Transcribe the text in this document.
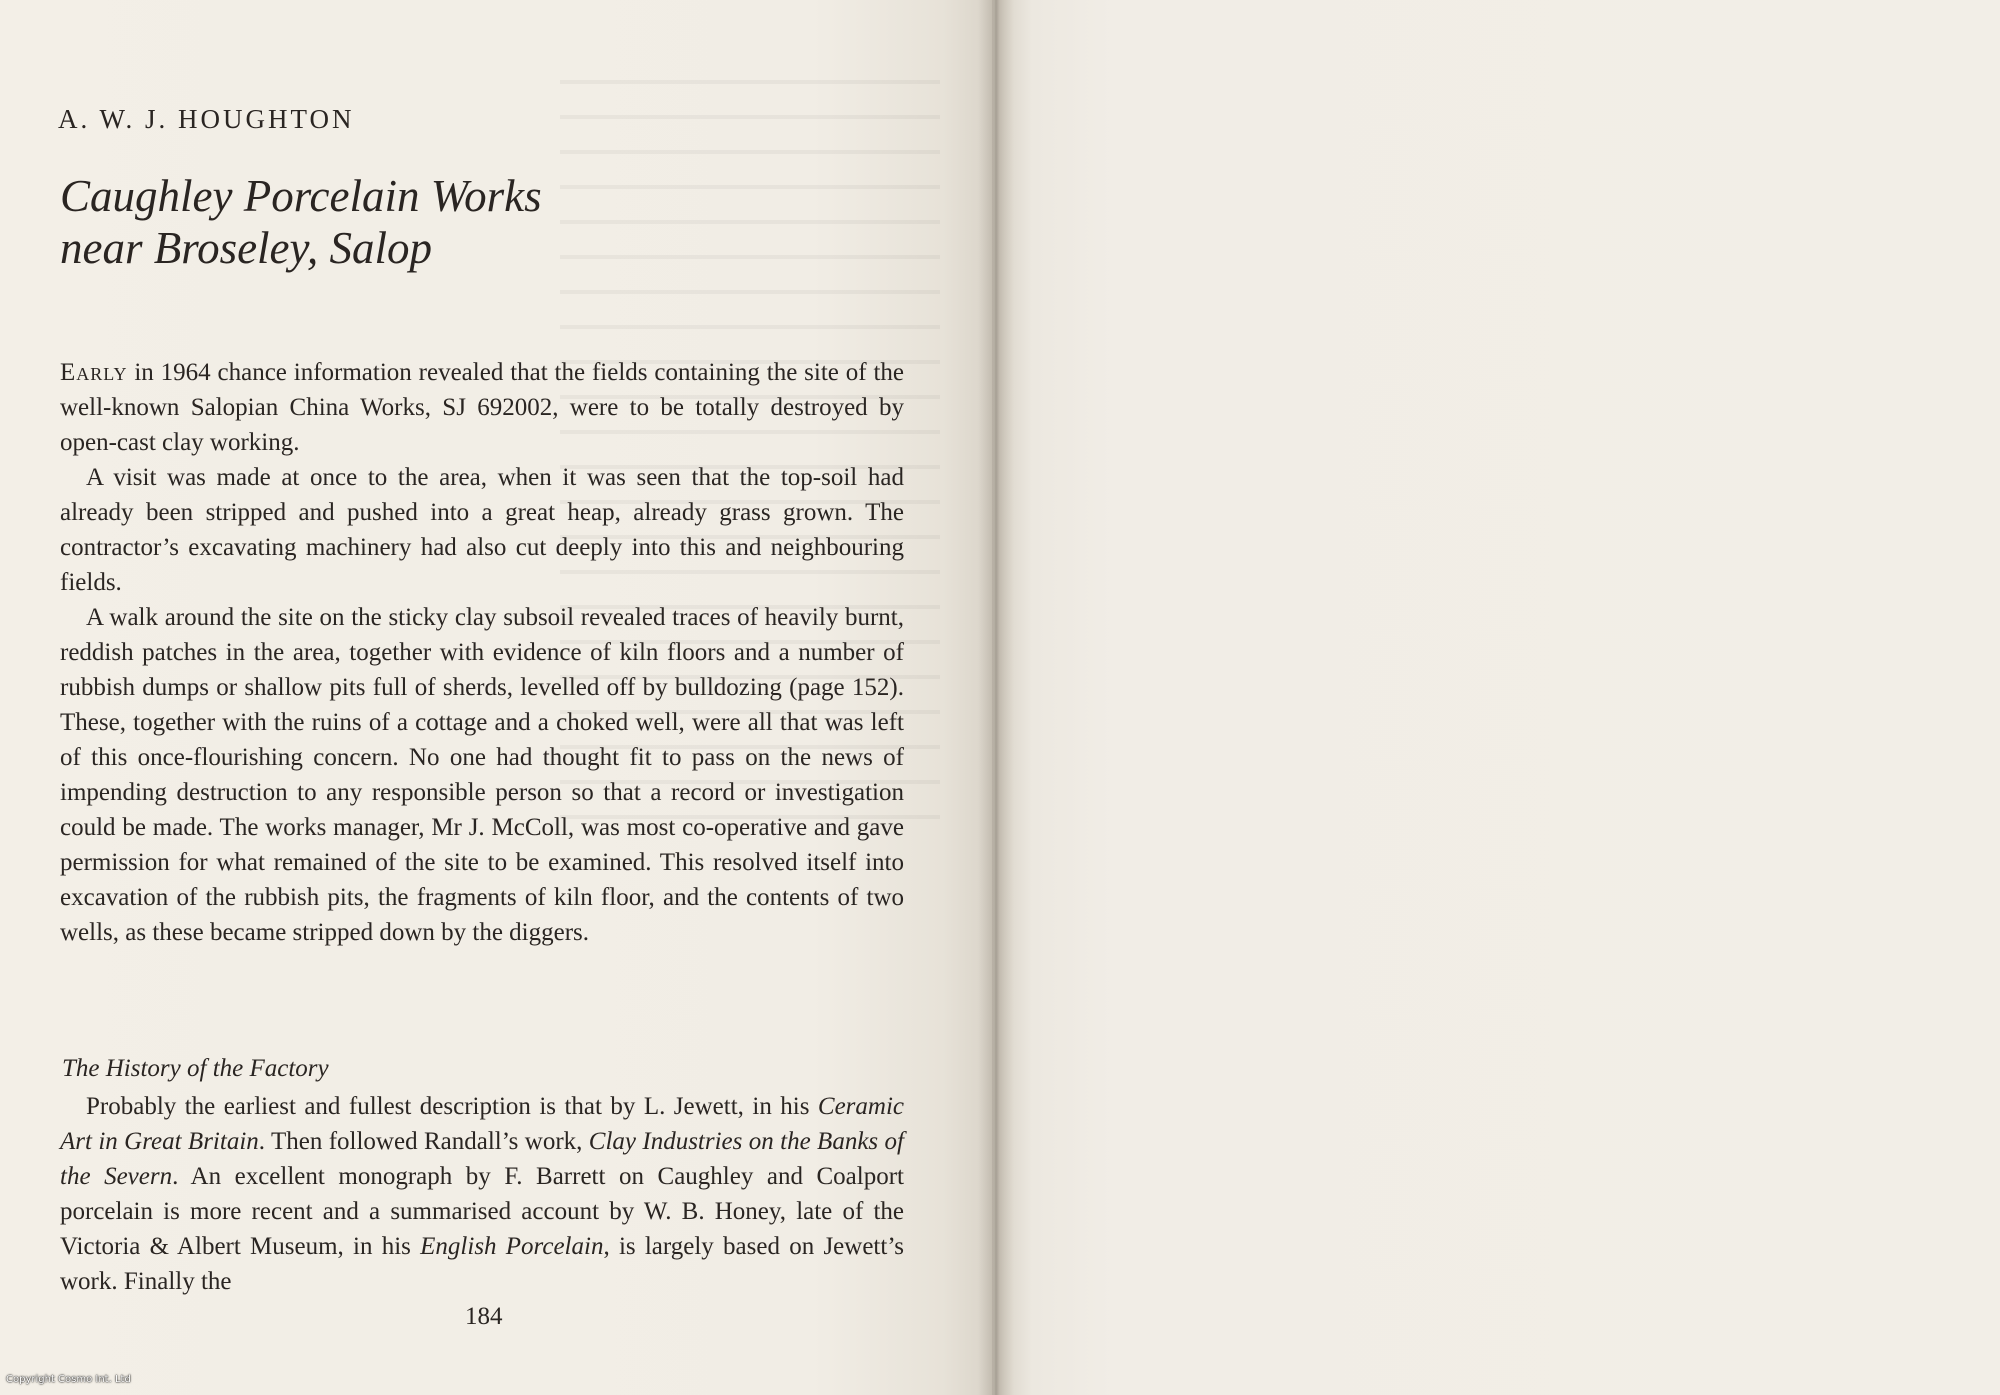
A. W. J. HOUGHTON
Caughley Porcelain Works
near Broseley, Salop

Early in 1964 chance information revealed that the fields containing the site of the well-known Salopian China Works, SJ 692002, were to be totally destroyed by open-cast clay working.

A visit was made at once to the area, when it was seen that the top-soil had already been stripped and pushed into a great heap, already grass grown. The contractor’s excavating machinery had also cut deeply into this and neighbouring fields.

A walk around the site on the sticky clay subsoil revealed traces of heavily burnt, reddish patches in the area, together with evidence of kiln floors and a number of rubbish dumps or shallow pits full of sherds, levelled off by bulldozing (page 152). These, together with the ruins of a cottage and a choked well, were all that was left of this once-flourishing concern. No one had thought fit to pass on the news of impending destruction to any responsible person so that a record or investigation could be made. The works manager, Mr J. McColl, was most co-operative and gave permission for what remained of the site to be examined. This resolved itself into excavation of the rubbish pits, the fragments of kiln floor, and the contents of two wells, as these became stripped down by the diggers.

The History of the Factory

Probably the earliest and fullest description is that by L. Jewett, in his Ceramic Art in Great Britain. Then followed Randall’s work, Clay Industries on the Banks of the Severn. An excellent monograph by F. Barrett on Caughley and Coalport porcelain is more recent and a summarised account by W. B. Honey, late of the Victoria & Albert Museum, in his English Porcelain, is largely based on Jewett’s work. Finally the

184
Copyright Cosmo Int. Ltd
